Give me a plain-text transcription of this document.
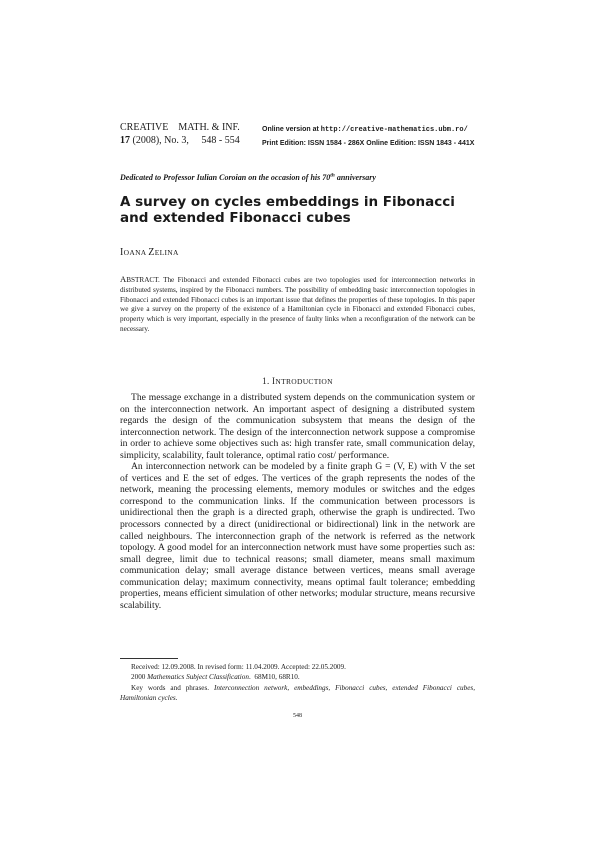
CREATIVE    MATH. & INF.
17 (2008), No. 3,     548 - 554
Online version at http://creative-mathematics.ubm.ro/
Print Edition: ISSN 1584 - 286X Online Edition: ISSN 1843 - 441X
Dedicated to Professor Iulian Coroian on the occasion of his 70th anniversary
A survey on cycles embeddings in Fibonacci and extended Fibonacci cubes
IOANA ZELINA
ABSTRACT. The Fibonacci and extended Fibonacci cubes are two topologies used for interconnection networks in distributed systems, inspired by the Fibonacci numbers. The possibility of embedding basic interconnection topologies in Fibonacci and extended Fibonacci cubes is an important issue that defines the properties of these topologies. In this paper we give a survey on the property of the existence of a Hamiltonian cycle in Fibonacci and extended Fibonacci cubes, property which is very important, especially in the presence of faulty links when a reconfiguration of the network can be necessary.
1. INTRODUCTION

The message exchange in a distributed system depends on the communication system or on the interconnection network. An important aspect of designing a distributed system regards the design of the communication subsystem that means the design of the interconnection network. The design of the interconnection network suppose a compromise in order to achieve some objectives such as: high transfer rate, small communication delay, simplicity, scalability, fault tolerance, optimal ratio cost/ performance.

An interconnection network can be modeled by a finite graph G = (V, E) with V the set of vertices and E the set of edges. The vertices of the graph represents the nodes of the network, meaning the processing elements, memory modules or switches and the edges correspond to the communication links. If the communication between processors is unidirectional then the graph is a directed graph, otherwise the graph is undirected. Two processors connected by a direct (unidirectional or bidirectional) link in the network are called neighbours. The interconnection graph of the network is referred as the network topology. A good model for an interconnection network must have some properties such as: small degree, limit due to technical reasons; small diameter, means small maximum communication delay; small average distance between vertices, means small average communication delay; maximum connectivity, means optimal fault tolerance; embedding properties, means efficient simulation of other networks; modular structure, means recursive scalability.

Received: 12.09.2008. In revised form: 11.04.2009. Accepted: 22.05.2009.
2000 Mathematics Subject Classification.  68M10, 68R10.
Key words and phrases. Interconnection network, embeddings, Fibonacci cubes, extended Fibonacci cubes, Hamiltonian cycles.
548
